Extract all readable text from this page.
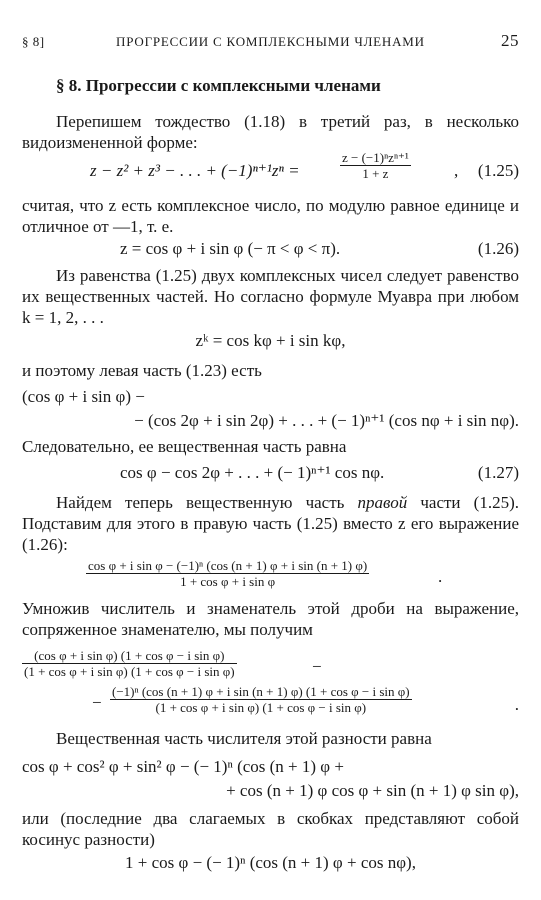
§ 8]	ПРОГРЕССИИ С КОМПЛЕКСНЫМИ ЧЛЕНАМИ	25
§ 8. Прогрессии с комплексными членами
Перепишем тождество (1.18) в третий раз, в несколько видоизмененной форме:
z − z² + z³ − . . . + (−1)ⁿ⁺¹zⁿ =
z − (−1)ⁿzⁿ⁺¹
1 + z	, (1.25)
считая, что z есть комплексное число, по модулю равное единице и отличное от —1, т. е.
z = cos φ + i sin φ (− π < φ < π).	(1.26)
Из равенства (1.25) двух комплексных чисел следует равенство их вещественных частей. Но согласно формуле Муавра при любом k = 1, 2, . . .
zᵏ = cos kφ + i sin kφ,
и поэтому левая часть (1.23) есть
(cos φ + i sin φ) −
− (cos 2φ + i sin 2φ) + . . . + (− 1)ⁿ⁺¹ (cos nφ + i sin nφ).
Следовательно, ее вещественная часть равна
cos φ − cos 2φ + . . . + (− 1)ⁿ⁺¹ cos nφ.	(1.27)
Найдем теперь вещественную часть правой части (1.25). Подставим для этого в правую часть (1.25) вместо z его выражение (1.26):
$\frac{\text{cos φ + i sin φ − (−1)ⁿ (cos (n + 1) φ + i sin (n + 1) φ)}}{\text{1 + cos φ + i sin φ}}$	.
Умножив числитель и знаменатель этой дроби на выражение, сопряженное знаменателю, мы получим
$\frac{\text{(cos φ + i sin φ) (1 + cos φ − i sin φ)}}{\text{(1 + cos φ + i sin φ) (1 + cos φ − i sin φ)}}$	−
−
(−1)ⁿ (cos (n + 1) φ + i sin (n + 1) φ) (1 + cos φ − i sin φ)
(1 + cos φ + i sin φ) (1 + cos φ − i sin φ)	.
Вещественная часть числителя этой разности равна
cos φ + cos² φ + sin² φ − (− 1)ⁿ (cos (n + 1) φ +
+ cos (n + 1) φ cos φ + sin (n + 1) φ sin φ),
или (последние два слагаемых в скобках представляют собой косинус разности)
1 + cos φ − (− 1)ⁿ (cos (n + 1) φ + cos nφ),
